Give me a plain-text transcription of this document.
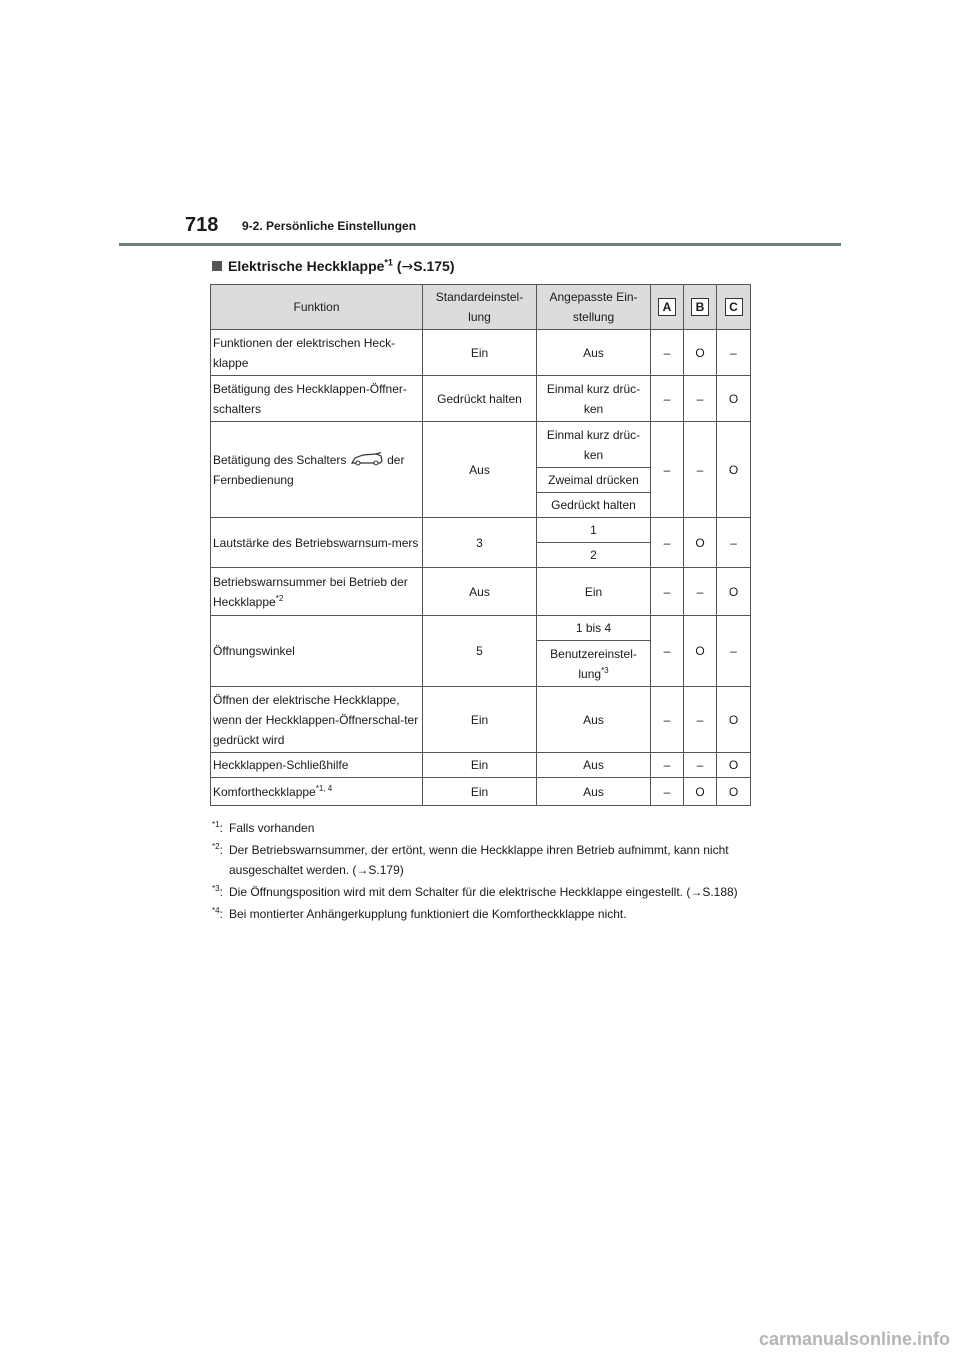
718 9-2. Persönliche Einstellungen
Elektrische Heckklappe$^{*1}$ (→S.175)
Funktion	Standardeinstel-lung	Angepasste Ein-stellung	A	B	C
Funktionen der elektrischen Heck-klappe	Ein	Aus	–	O	–
Betätigung des Heckklappen-Öffner-schalters	Gedrückt halten	Einmal kurz drüc-ken	–	–	O
Betätigung des Schalters der Fernbedienung	Aus	Einmal kurz drüc-ken	–	–	O
		Zweimal drücken			
		Gedrückt halten			
Lautstärke des Betriebswarnsum-mers	3	1	–	O	–
		2			
Betriebswarnsummer bei Betrieb der Heckklappe$^{*2}$	Aus	Ein	–	–	O
Öffnungswinkel	5	1 bis 4	–	O	–
		Benutzereinstel-lung$^{*3}$
Öffnen der elektrische Heckklappe, wenn der Heckklappen-Öffnerschal-ter gedrückt wird	Ein	Aus	–	–	O
Heckklappen-Schließhilfe	Ein	Aus	–	–	O
Komfortheckklappe$^{*1, 4}$	Ein	Aus	–	O	O
$^{*1}$: Falls vorhanden
$^{*2}$: Der Betriebswarnsummer, der ertönt, wenn die Heckklappe ihren Betrieb aufnimmt, kann nicht ausgeschaltet werden. (→S.179)
$^{*3}$: Die Öffnungsposition wird mit dem Schalter für die elektrische Heckklappe eingestellt. (→S.188)
$^{*4}$: Bei montierter Anhängerkupplung funktioniert die Komfortheckklappe nicht.
carmanualsonline.info
